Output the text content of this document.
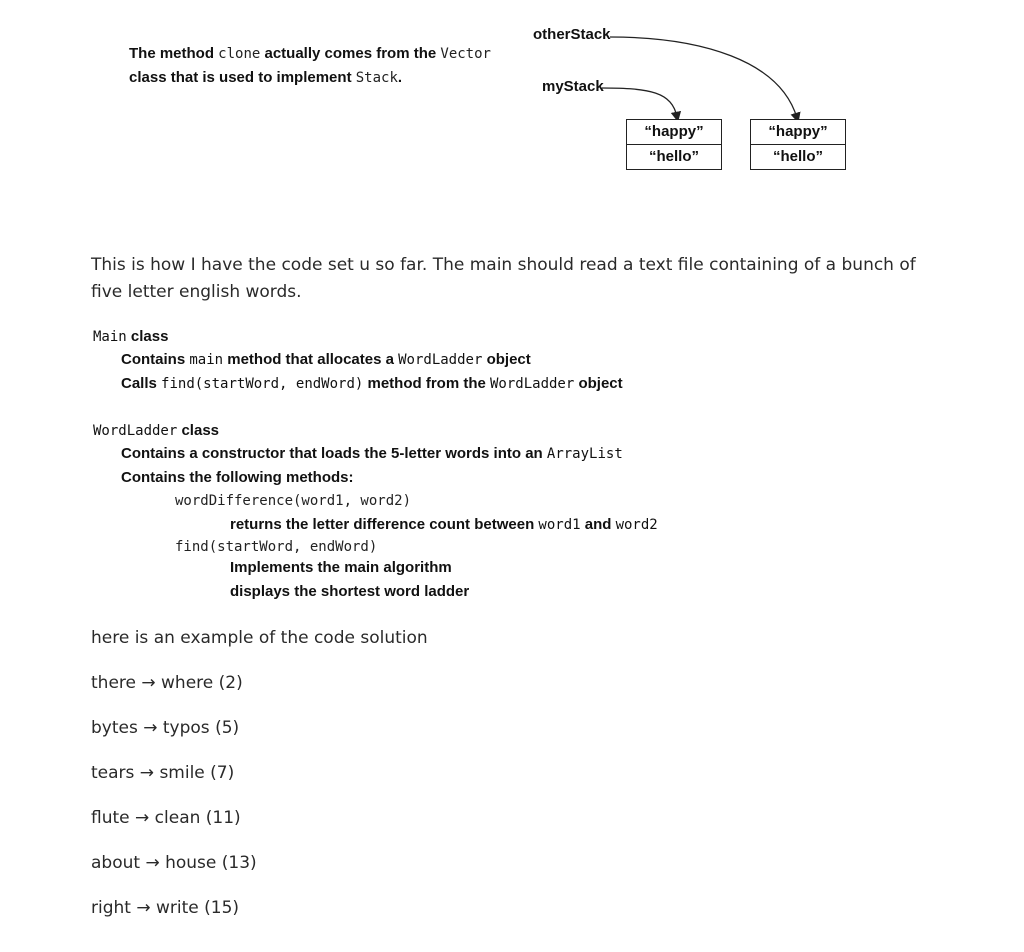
The method clone actually comes from the Vector
class that is used to implement Stack.
otherStack
myStack
“happy”
“hello”
“happy”
“hello”
This is how I have the code set u so far. The main should read a text file containing of a bunch of five letter english words.
Main class
Contains main method that allocates a WordLadder object
Calls find(startWord, endWord) method from the WordLadder object
WordLadder class
Contains a constructor that loads the 5-letter words into an ArrayList
Contains the following methods:
wordDifference(word1, word2)
returns the letter difference count between word1 and word2
find(startWord, endWord)
Implements the main algorithm
displays the shortest word ladder
here is an example of the code solution
there → where (2)
bytes → typos (5)
tears → smile (7)
flute → clean (11)
about → house (13)
right → write (15)
